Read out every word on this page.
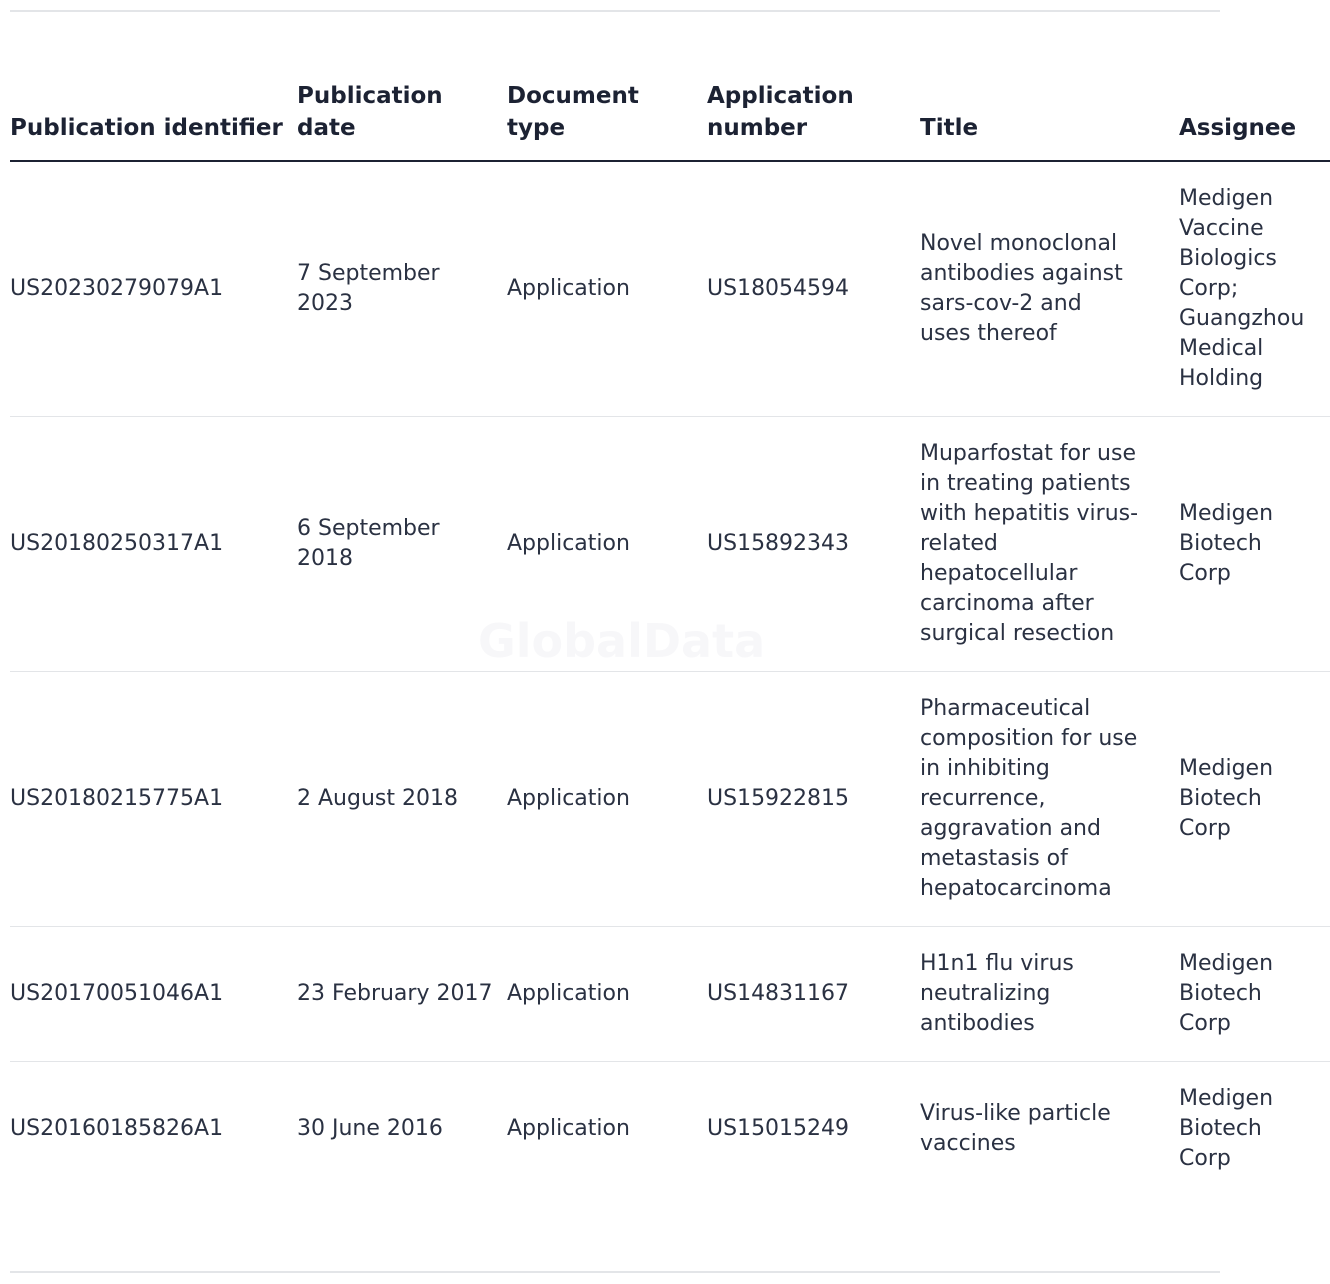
Publication identifier	Publication date	Document type	Application number	Title	Assignee
US20230279079A1	7 September 2023	Application	US18054594	Novel monoclonal antibodies against sars-cov-2 and uses thereof	Medigen Vaccine Biologics Corp; Guangzhou Medical Holding
US20180250317A1	6 September 2018	Application	US15892343	Muparfostat for use in treating patients with hepatitis virus-related hepatocellular carcinoma after surgical resection	Medigen Biotech Corp
US20180215775A1	2 August 2018	Application	US15922815	Pharmaceutical composition for use in inhibiting recurrence, aggravation and metastasis of hepatocarcinoma	Medigen Biotech Corp
US20170051046A1	23 February 2017	Application	US14831167	H1n1 flu virus neutralizing antibodies	Medigen Biotech Corp
US20160185826A1	30 June 2016	Application	US15015249	Virus-like particle vaccines	Medigen Biotech Corp
GlobalData
